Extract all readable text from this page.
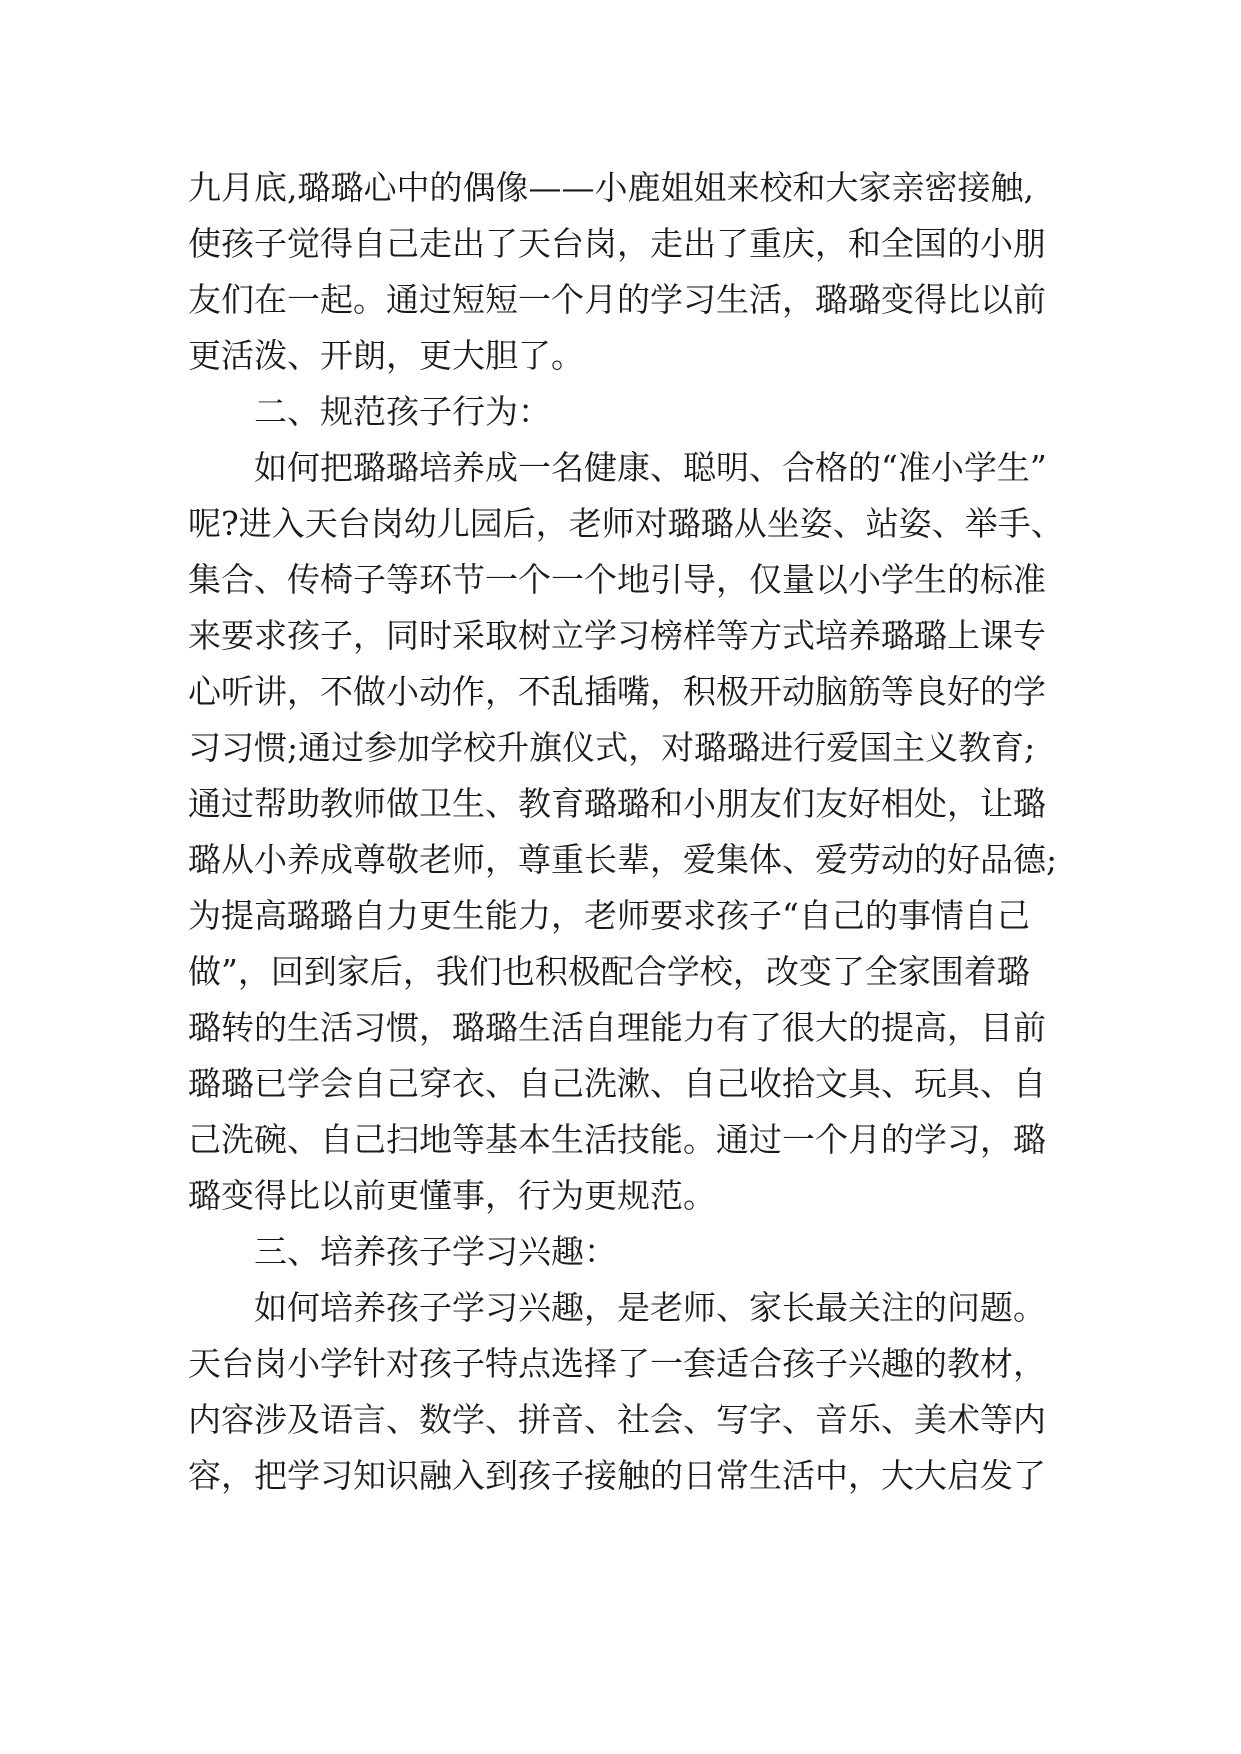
九月底,璐璐心中的偶像——小鹿姐姐来校和大家亲密接触,
使孩子觉得自己走出了天台岗，走出了重庆，和全国的小朋
友们在一起。通过短短一个月的学习生活，璐璐变得比以前
更活泼、开朗，更大胆了。
二、规范孩子行为：
如何把璐璐培养成一名健康、聪明、合格的“准小学生”
呢?进入天台岗幼儿园后，老师对璐璐从坐姿、站姿、举手、
集合、传椅子等环节一个一个地引导，仅量以小学生的标准
来要求孩子，同时采取树立学习榜样等方式培养璐璐上课专
心听讲，不做小动作，不乱插嘴，积极开动脑筋等良好的学
习习惯;通过参加学校升旗仪式，对璐璐进行爱国主义教育;
通过帮助教师做卫生、教育璐璐和小朋友们友好相处，让璐
璐从小养成尊敬老师，尊重长辈，爱集体、爱劳动的好品德;
为提高璐璐自力更生能力，老师要求孩子“自己的事情自己
做”，回到家后，我们也积极配合学校，改变了全家围着璐
璐转的生活习惯，璐璐生活自理能力有了很大的提高，目前
璐璐已学会自己穿衣、自己洗漱、自己收拾文具、玩具、自
己洗碗、自己扫地等基本生活技能。通过一个月的学习，璐
璐变得比以前更懂事，行为更规范。
三、培养孩子学习兴趣：
如何培养孩子学习兴趣，是老师、家长最关注的问题。
天台岗小学针对孩子特点选择了一套适合孩子兴趣的教材，
内容涉及语言、数学、拼音、社会、写字、音乐、美术等内
容，把学习知识融入到孩子接触的日常生活中，大大启发了
